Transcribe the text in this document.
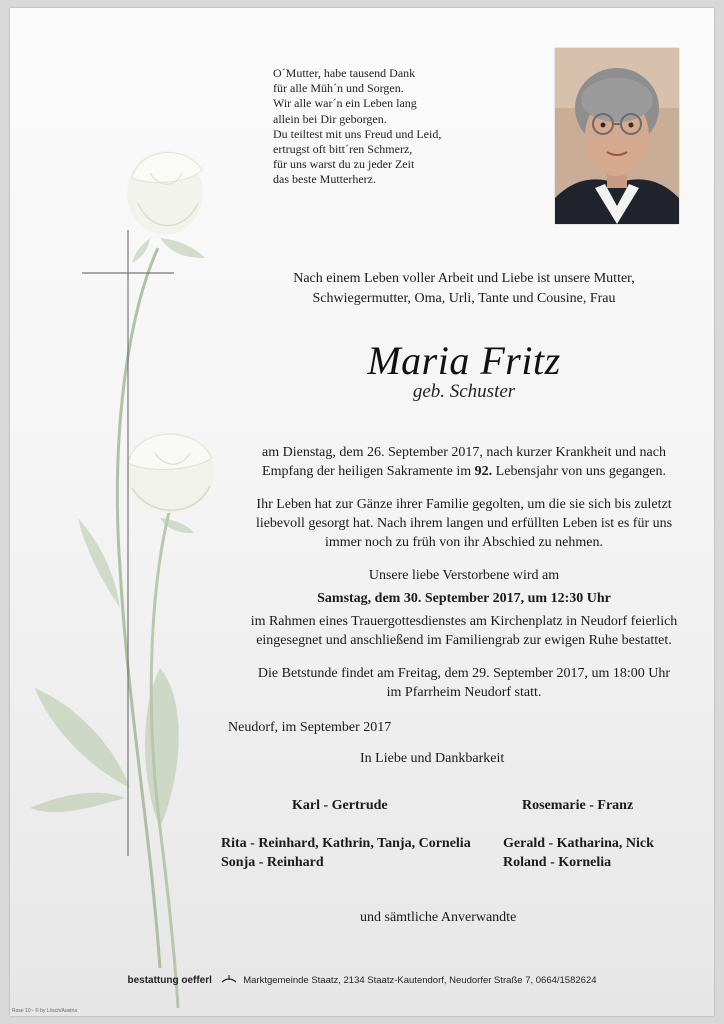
O´Mutter, habe tausend Dank
für alle Müh´n und Sorgen.
Wir alle war´n ein Leben lang
allein bei Dir geborgen.
Du teiltest mit uns Freud und Leid,
ertrugst oft bitt´ren Schmerz,
für uns warst du zu jeder Zeit
das beste Mutterherz.
Nach einem Leben voller Arbeit und Liebe ist unsere Mutter,
Schwiegermutter, Oma, Urli, Tante und Cousine, Frau
Maria Fritz
geb. Schuster
am Dienstag, dem 26. September 2017, nach kurzer Krankheit und nach
Empfang der heiligen Sakramente im 92. Lebensjahr von uns gegangen.
Ihr Leben hat zur Gänze ihrer Familie gegolten, um die sie sich bis zuletzt
liebevoll gesorgt hat. Nach ihrem langen und erfüllten Leben ist es für uns
immer noch zu früh von ihr Abschied zu nehmen.
Unsere liebe Verstorbene wird am
Samstag, dem 30. September 2017, um 12:30 Uhr
im Rahmen eines Trauergottesdienstes am Kirchenplatz in Neudorf feierlich
eingesegnet und anschließend im Familiengrab zur ewigen Ruhe bestattet.
Die Betstunde findet am Freitag, dem 29. September 2017, um 18:00 Uhr
im Pfarrheim Neudorf statt.
Neudorf, im September 2017
In Liebe und Dankbarkeit
Karl - Gertrude	Rosemarie - Franz
Rita - Reinhard, Kathrin, Tanja, Cornelia
Sonja - Reinhard
Gerald - Katharina, Nick
Roland - Kornelia
und sämtliche Anverwandte
bestattung oefferl	Marktgemeinde Staatz, 2134 Staatz-Kautendorf, Neudorfer Straße 7, 0664/1582624
Rose 10 - © by Lösch/Austria
